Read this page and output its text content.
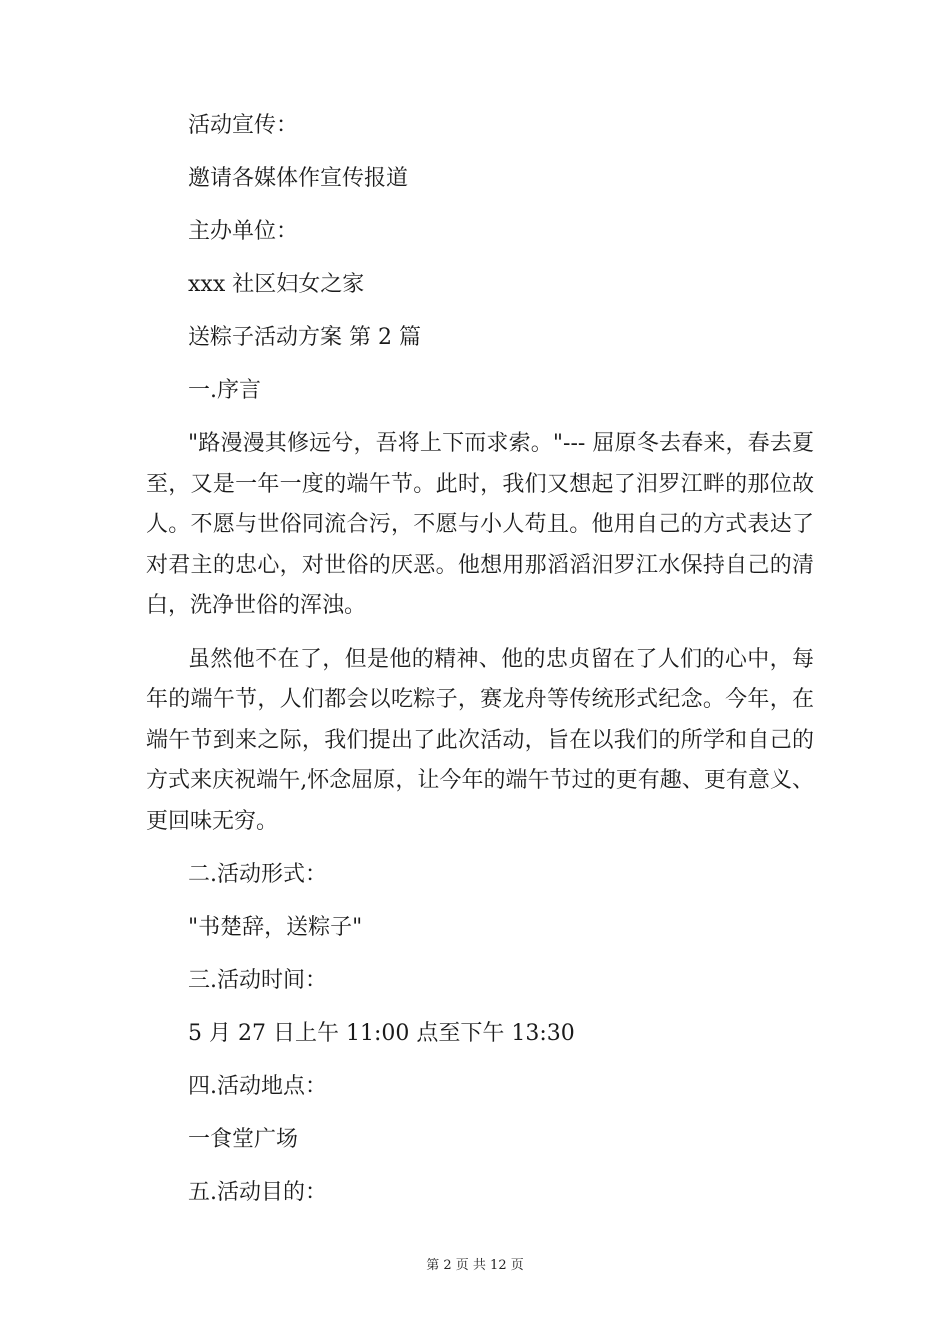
活动宣传：

邀请各媒体作宣传报道

主办单位：

xxx 社区妇女之家

送粽子活动方案 第 2 篇

一.序言

"路漫漫其修远兮，吾将上下而求索。"--- 屈原冬去春来，春去夏至，又是一年一度的端午节。此时，我们又想起了汨罗江畔的那位故人。不愿与世俗同流合污，不愿与小人苟且。他用自己的方式表达了对君主的忠心，对世俗的厌恶。他想用那滔滔汨罗江水保持自己的清白，洗净世俗的浑浊。

虽然他不在了，但是他的精神、他的忠贞留在了人们的心中，每年的端午节，人们都会以吃粽子，赛龙舟等传统形式纪念。今年，在端午节到来之际，我们提出了此次活动，旨在以我们的所学和自己的方式来庆祝端午,怀念屈原，让今年的端午节过的更有趣、更有意义、更回味无穷。

二.活动形式：

"书楚辞，送粽子"

三.活动时间：

5 月 27 日上午 11:00 点至下午 13:30

四.活动地点：

一食堂广场

五.活动目的：

第 2 页 共 12 页
